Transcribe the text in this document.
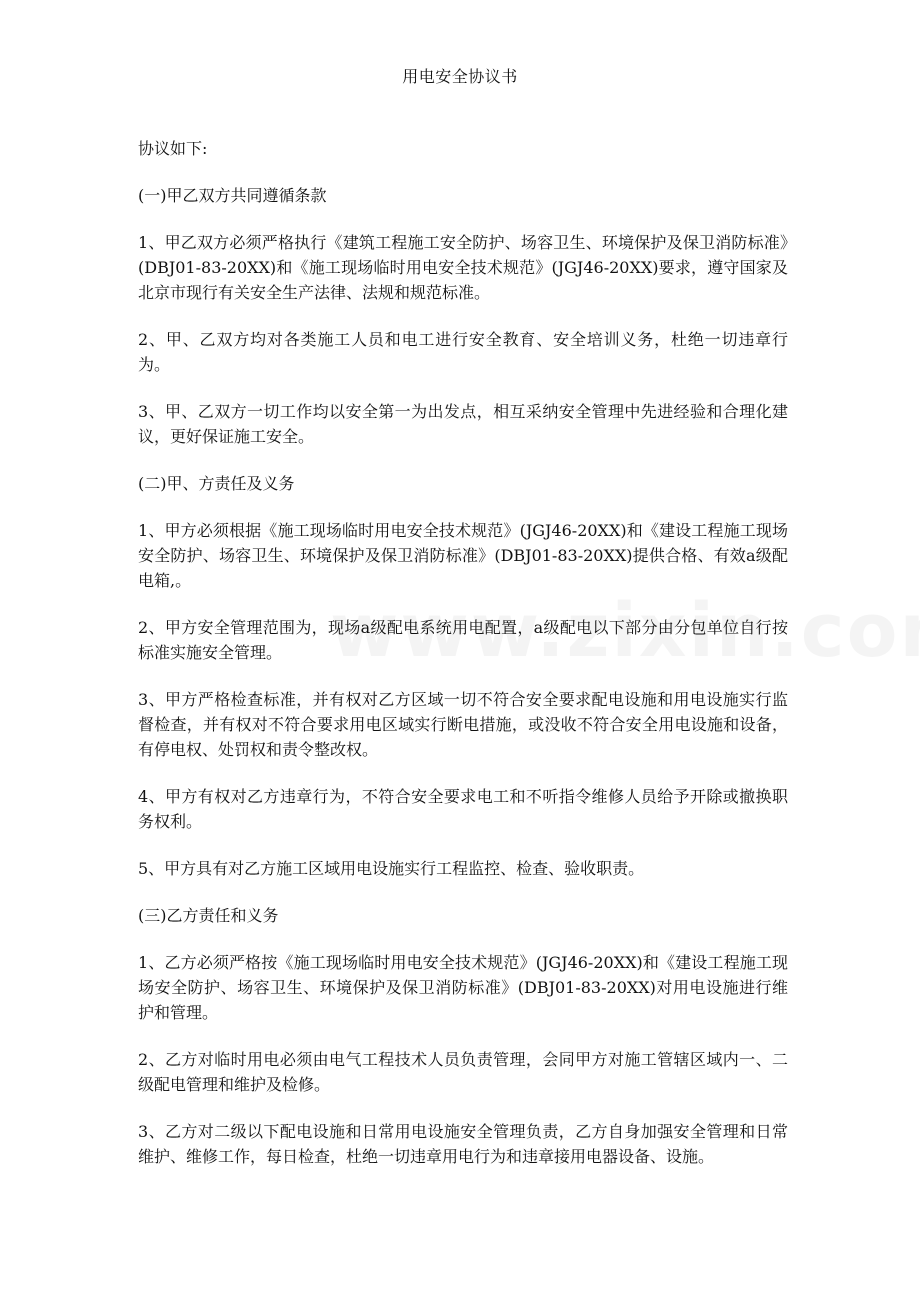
用电安全协议书

协议如下:

(一)甲乙双方共同遵循条款

1、甲乙双方必须严格执行《建筑工程施工安全防护、场容卫生、环境保护及保卫消防标准》(DBJ01-83-20XX)和《施工现场临时用电安全技术规范》(JGJ46-20XX)要求，遵守国家及北京市现行有关安全生产法律、法规和规范标准。

2、甲、乙双方均对各类施工人员和电工进行安全教育、安全培训义务，杜绝一切违章行为。

3、甲、乙双方一切工作均以安全第一为出发点，相互采纳安全管理中先进经验和合理化建议，更好保证施工安全。

(二)甲、方责任及义务

1、甲方必须根据《施工现场临时用电安全技术规范》(JGJ46-20XX)和《建设工程施工现场安全防护、场容卫生、环境保护及保卫消防标准》(DBJ01-83-20XX)提供合格、有效a级配电箱,。

2、甲方安全管理范围为，现场a级配电系统用电配置，a级配电以下部分由分包单位自行按标准实施安全管理。

3、甲方严格检查标准，并有权对乙方区域一切不符合安全要求配电设施和用电设施实行监督检查，并有权对不符合要求用电区域实行断电措施，或没收不符合安全用电设施和设备，有停电权、处罚权和责令整改权。

4、甲方有权对乙方违章行为，不符合安全要求电工和不听指令维修人员给予开除或撤换职务权利。

5、甲方具有对乙方施工区域用电设施实行工程监控、检查、验收职责。

(三)乙方责任和义务

1、乙方必须严格按《施工现场临时用电安全技术规范》(JGJ46-20XX)和《建设工程施工现场安全防护、场容卫生、环境保护及保卫消防标准》(DBJ01-83-20XX)对用电设施进行维护和管理。

2、乙方对临时用电必须由电气工程技术人员负责管理，会同甲方对施工管辖区域内一、二级配电管理和维护及检修。

3、乙方对二级以下配电设施和日常用电设施安全管理负责，乙方自身加强安全管理和日常维护、维修工作，每日检查，杜绝一切违章用电行为和违章接用电器设备、设施。
